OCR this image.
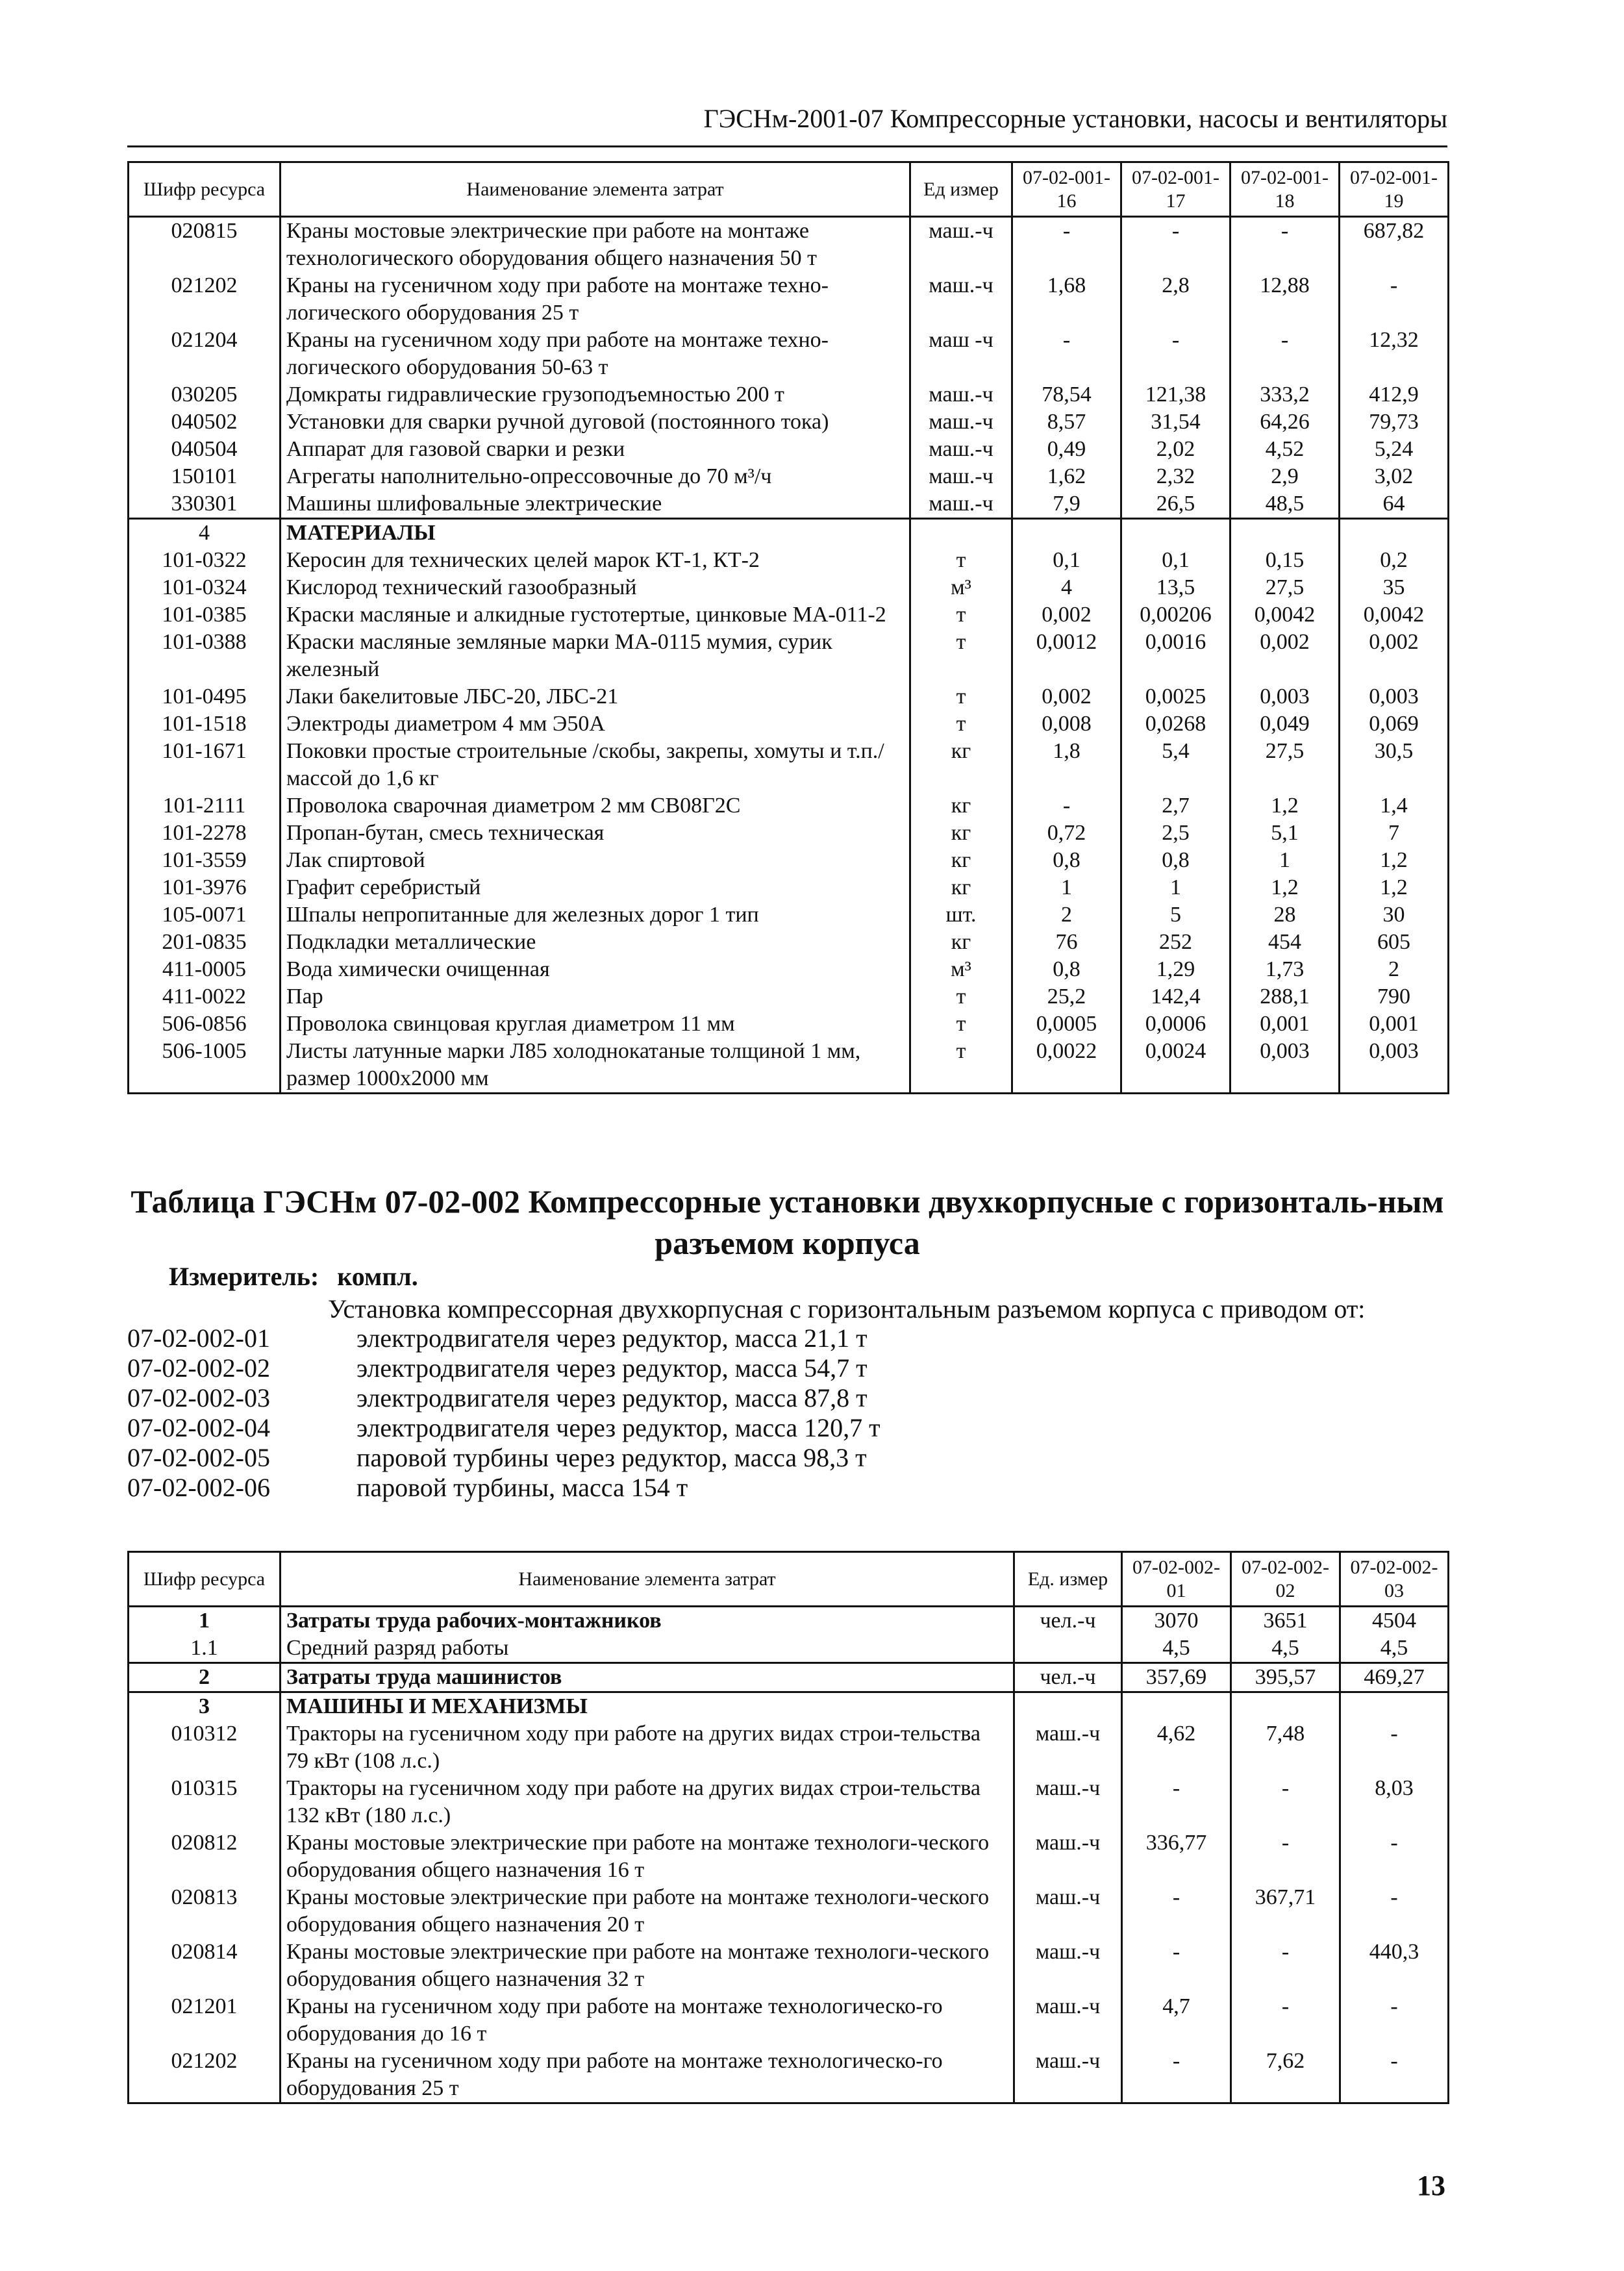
ГЭСНм-2001-07 Компрессорные установки, насосы и вентиляторы
Шифр ресурса	Наименование элемента затрат	Ед измер	07-02-001-16	07-02-001-17	07-02-001-18	07-02-001-19
020815	Краны мостовые электрические при работе на монтаже технологического оборудования общего назначения 50 т	маш.-ч	-	-	-	687,82
021202	Краны на гусеничном ходу при работе на монтаже техно-логического оборудования 25 т	маш.-ч	1,68	2,8	12,88	-
021204	Краны на гусеничном ходу при работе на монтаже техно-логического оборудования 50-63 т	маш -ч	-	-	-	12,32
030205	Домкраты гидравлические грузоподъемностью 200 т	маш.-ч	78,54	121,38	333,2	412,9
040502	Установки для сварки ручной дуговой (постоянного тока)	маш.-ч	8,57	31,54	64,26	79,73
040504	Аппарат для газовой сварки и резки	маш.-ч	0,49	2,02	4,52	5,24
150101	Агрегаты наполнительно-опрессовочные до 70 м³/ч	маш.-ч	1,62	2,32	2,9	3,02
330301	Машины шлифовальные электрические	маш.-ч	7,9	26,5	48,5	64
4	МАТЕРИАЛЫ					
101-0322	Керосин для технических целей марок КТ-1, КТ-2	т	0,1	0,1	0,15	0,2
101-0324	Кислород технический газообразный	м³	4	13,5	27,5	35
101-0385	Краски масляные и алкидные густотертые, цинковые МА-011-2	т	0,002	0,00206	0,0042	0,0042
101-0388	Краски масляные земляные марки МА-0115 мумия, сурик железный	т	0,0012	0,0016	0,002	0,002
101-0495	Лаки бакелитовые ЛБС-20, ЛБС-21	т	0,002	0,0025	0,003	0,003
101-1518	Электроды диаметром 4 мм Э50А	т	0,008	0,0268	0,049	0,069
101-1671	Поковки простые строительные /скобы, закрепы, хомуты и т.п./ массой до 1,6 кг	кг	1,8	5,4	27,5	30,5
101-2111	Проволока сварочная диаметром 2 мм СВ08Г2С	кг	-	2,7	1,2	1,4
101-2278	Пропан-бутан, смесь техническая	кг	0,72	2,5	5,1	7
101-3559	Лак спиртовой	кг	0,8	0,8	1	1,2
101-3976	Графит серебристый	кг	1	1	1,2	1,2
105-0071	Шпалы непропитанные для железных дорог 1 тип	шт.	2	5	28	30
201-0835	Подкладки металлические	кг	76	252	454	605
411-0005	Вода химически очищенная	м³	0,8	1,29	1,73	2
411-0022	Пар	т	25,2	142,4	288,1	790
506-0856	Проволока свинцовая круглая диаметром 11 мм	т	0,0005	0,0006	0,001	0,001
506-1005	Листы латунные марки Л85 холоднокатаные толщиной 1 мм, размер 1000х2000 мм	т	0,0022	0,0024	0,003	0,003
Таблица ГЭСНм 07-02-002 Компрессорные установки двухкорпусные с горизонталь-ным разъемом корпуса
Измеритель: компл.
Установка компрессорная двухкорпусная с горизонтальным разъемом корпуса с приводом от:
07-02-002-01	электродвигателя через редуктор, масса 21,1 т
07-02-002-02	электродвигателя через редуктор, масса 54,7 т
07-02-002-03	электродвигателя через редуктор, масса 87,8 т
07-02-002-04	электродвигателя через редуктор, масса 120,7 т
07-02-002-05	паровой турбины через редуктор, масса 98,3 т
07-02-002-06	паровой турбины, масса 154 т
Шифр ресурса	Наименование элемента затрат	Ед. измер	07-02-002-01	07-02-002-02	07-02-002-03
1	Затраты труда рабочих-монтажников	чел.-ч	3070	3651	4504
1.1	Средний разряд работы		4,5	4,5	4,5
2	Затраты труда машинистов	чел.-ч	357,69	395,57	469,27
3	МАШИНЫ И МЕХАНИЗМЫ				
010312	Тракторы на гусеничном ходу при работе на других видах строи-тельства 79 кВт (108 л.с.)	маш.-ч	4,62	7,48	-
010315	Тракторы на гусеничном ходу при работе на других видах строи-тельства 132 кВт (180 л.с.)	маш.-ч	-	-	8,03
020812	Краны мостовые электрические при работе на монтаже технологи-ческого оборудования общего назначения 16 т	маш.-ч	336,77	-	-
020813	Краны мостовые электрические при работе на монтаже технологи-ческого оборудования общего назначения 20 т	маш.-ч	-	367,71	-
020814	Краны мостовые электрические при работе на монтаже технологи-ческого оборудования общего назначения 32 т	маш.-ч	-	-	440,3
021201	Краны на гусеничном ходу при работе на монтаже технологическо-го оборудования до 16 т	маш.-ч	4,7	-	-
021202	Краны на гусеничном ходу при работе на монтаже технологическо-го оборудования 25 т	маш.-ч	-	7,62	-
13
